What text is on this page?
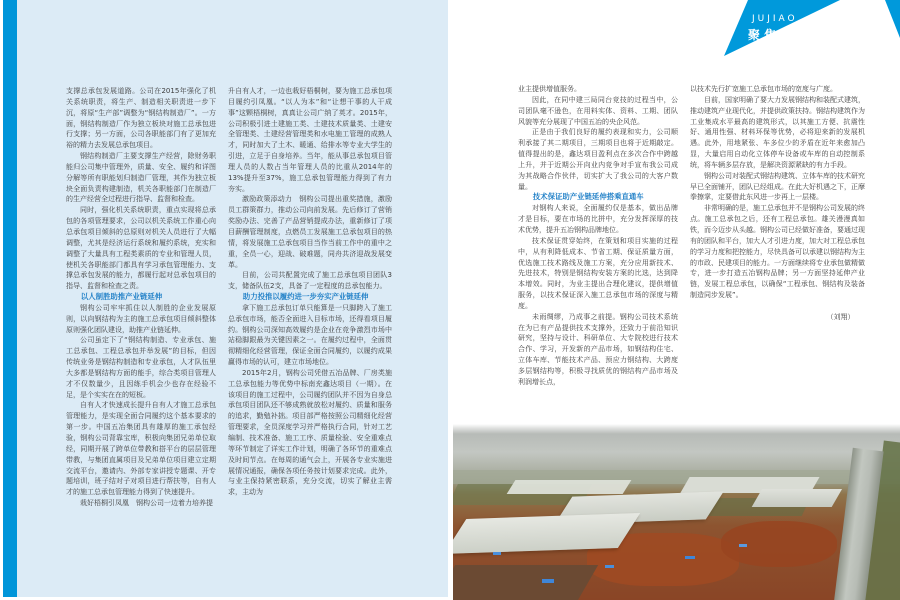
JUJIAO
聚焦

支撑总承包发展道路。公司在2015年强化了机关系统职责，将生产、制造相关职责进一步下沉，将原“生产部”调整为“钢结构制造厂”。一方面，钢结构制造厂作为独立板块对施工总承包进行支撑；另一方面，公司各职能部门有了更加充裕的精力去发展总承包项目。

钢结构制造厂主要支撑生产经营，除财务职能归公司集中管理外，质量、安全、履约和详图分解等所有职能划归制造厂管理，其作为独立板块全面负责构建制造，机关各职能部门在制造厂的生产经营全过程进行指导、监督和检查。

同时，强化机关系统职责，重点实现将总承包的各项管理要求，公司以机关系统工作重心向总承包项目倾斜的总原则对机关人员进行了大幅调整，尤其是经济运行系统和履约系统，充实和调整了大量具有工程类素质的专业和管理人员，使机关各职能部门都具有学习承包管理能力、支撑总承包发展的能力，都履行起对总承包项目的指导、监督和检查之责。

以人制胜助推产业链延伸

钢构公司牢牢抓住以人制胜的企业发展原则，以向钢结构为主的施工总承包项目倾斜整体原则强化团队建设，助推产业链延伸。

公司虽定下了“钢结构制造、专业承包、施工总承包、工程总承包并举发展”的目标，但因传统业务是钢结构制造和专业承包，人才队伍里大多都是钢结构方面的能手，综合类项目管理人才不仅数量少，且因练手机会少也存在经验不足，是个实实在在的短板。

自有人才快速成长提升自有人才施工总承包管理能力，是实现全面合同履约这个基本要求的第一步。中国五冶集团具有雄厚的施工承包经验，钢构公司背靠宝库，积极向集团兄弟单位取经，同期开展了跨单位带教和搭平台的层层管理带教，与集团直属项目及兄弟单位项目建立定期交流平台，邀请内、外部专家讲授专题课、开专题培训，班子结对子对项目进行帮扶等，自有人才的施工总承包管理能力得到了快速提升。

栽好梧桐引凤凰　钢构公司一边着力培养提

升自有人才，一边也栽好梧桐树，要为施工总承包项目履约引凤凰。“以人为本”和“让想干事的人干成事”这颗梧桐树，真真让公司广纳了英才。2015年，公司积极引进土建施工类、土建技术质量类、土建安全管理类、土建经营管理类和水电施工管理的成熟人才，同时加大了土木、暖通、给排水等专业大学生的引进，立足于自身培养。当年，能从事总承包项目管理人员的人数占当年管理人员的比重从2014年的13%提升至37%，施工总承包管理能力得到了有力夯实。

激励政策添动力　钢构公司提出重奖措施，激励员工群策群力，推动公司向前发展。先后修订了营销奖励办法、完善了产品营销提成办法，重新修订了项目薪酬管理制度，点燃员工发展施工总承包项目的热情，将发展施工总承包项目当作当前工作中的重中之重，全员一心，迎战、破难题，同舟共济迎战发展变革。

目前，公司共配置完成了施工总承包项目团队3支，储备队伍2支，具备了一定程度的总承包能力。

助力投推以履约进一步夯实产业链延伸

拿下施工总承包订单只能算是一只脚跨入了施工总承包市场，能否全面进入目标市场，还得看项目履约。钢构公司深知高效履约是企业在竞争激烈市场中站稳脚跟最为关键因素之一。在履约过程中，全面贯彻精细化经营管理，保证全面合同履约，以履约成果赢得市场的认可，建立市场地位。

2015年2月，钢构公司凭借五冶品牌、厂房类施工总承包能力等优势中标南充鑫达项目（一期）。在该项目的施工过程中，公司履约团队并不因为自身总承包项目团队还不够成熟就放松对履约、质量和服务的追求，勤勉补拙。项目部严格按照公司精细化经营管理要求，全员深度学习并严格执行合同，针对工艺编制、技术准备、施工工序、质量检验、安全重难点等环节制定了详实工作计划，明确了各环节的重难点及时间节点。在每周的通气会上，开展各专业实施进展情况通报，确保各项任务按计划要求完成。此外，与业主保持紧密联系，充分交流，切实了解业主需求，主动为

业主提供增值服务。

因此，在同中建三局同台竞技的过程当中，公司团队毫不逊色，在用料实体、资料、工期、团队风貌等充分展现了中国五冶的央企风范。

正是由于我们良好的履约表现和实力，公司顺利承接了其二期项目，三期项目也将于近期敲定。值得提出的是，鑫达项目盈利点在多次合作中跨越上升，并于近期公开向业内竞争对手宣布我公司成为其战略合作伙伴，切实扩大了我公司的大客户数量。

技术保证助产业链延伸搭乘直通车

对钢构人来说，全面履约仅是基本，做出品牌才是目标，要在市场的比拼中，充分发挥深厚的技术优势，提升五冶钢构品牌地位。

技术保证贯穿始终，在策划和项目实施的过程中，从有利降低成本、节省工期、保证质量方面，优选施工技术路线及施工方案，充分应用新技术、先进技术，特别是钢结构安装方案的比选，达到降本增效。同时，为业主提出合理化建议，提供增值服务，以技术保证深入施工总承包市场的深度与精度。

未雨绸缪，乃成事之前提。钢构公司技术系统在为已有产品提供技术支撑外，还致力于前沿知识研究，坚持与设计、科研单位、大专院校进行技术合作、学习，开发新的产品市场，如钢结构住宅、立体车库、节能技术产品、预应力钢结构、大跨度多层钢结构等，积极寻找质优的钢结构产品市场及利润增长点，

以技术先行扩宽施工总承包市场的宽度与广度。

目前，国家明确了要大力发展钢结构和装配式建筑，推动建筑产业现代化，并提供政策扶持。钢结构建筑作为工业集成水平最高的建筑形式，以其施工方便、抗震性好、通用性强、材料环保等优势，必将迎来新的发展机遇。此外，用地紧张、车多位少的矛盾在近年来愈加凸显，大量启用自动化立体停车设备或车库的自动控制系统，将车辆多层存放，是解决资源紧缺的有力手段。

钢构公司对装配式钢结构建筑、立体车库的技术研究早已全面铺开，团队已经组成。在此大好机遇之下，正摩拳擦掌，定要借此东风进一步再上一层楼。

非常明确的是，施工总承包并不是钢构公司发展的终点。施工总承包之后，还有工程总承包。雄关漫漫真如铁，而今迈步从头越。钢构公司已经做好准备，要通过现有的团队和平台，加大人才引进力度，加大对工程总承包的学习力度和把控能力，尽快具备可以承建以钢结构为主的市政、民建项目的能力。一方面继续将专业承包做精做专，进一步打造五冶钢构品牌；另一方面坚持延伸产业链，发展工程总承包，以确保“工程承包、钢结构及装备制造同步发展”。

（刘翔）
